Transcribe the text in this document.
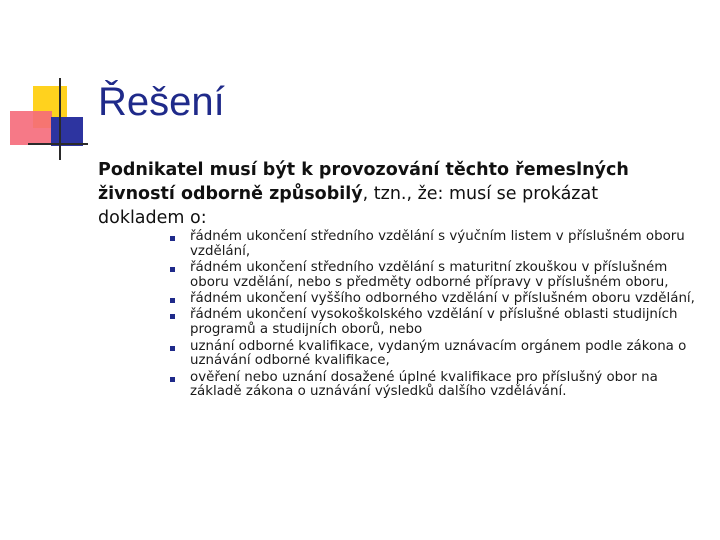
Řešení
Podnikatel musí být k provozování těchto řemeslných živností odborně způsobilý, tzn., že: musí se prokázat dokladem o:
řádném ukončení středního vzdělání s výučním listem v příslušném oboru vzdělání,
řádném ukončení středního vzdělání s maturitní zkouškou v příslušném oboru vzdělání, nebo s předměty odborné přípravy v příslušném oboru,
řádném ukončení vyššího odborného vzdělání v příslušném oboru vzdělání,
řádném ukončení vysokoškolského vzdělání v příslušné oblasti studijních programů a studijních oborů, nebo
uznání odborné kvalifikace, vydaným uznávacím orgánem podle zákona o uznávání odborné kvalifikace,
ověření nebo uznání dosažené úplné kvalifikace pro příslušný obor na základě zákona o uznávání výsledků dalšího vzdělávání.
